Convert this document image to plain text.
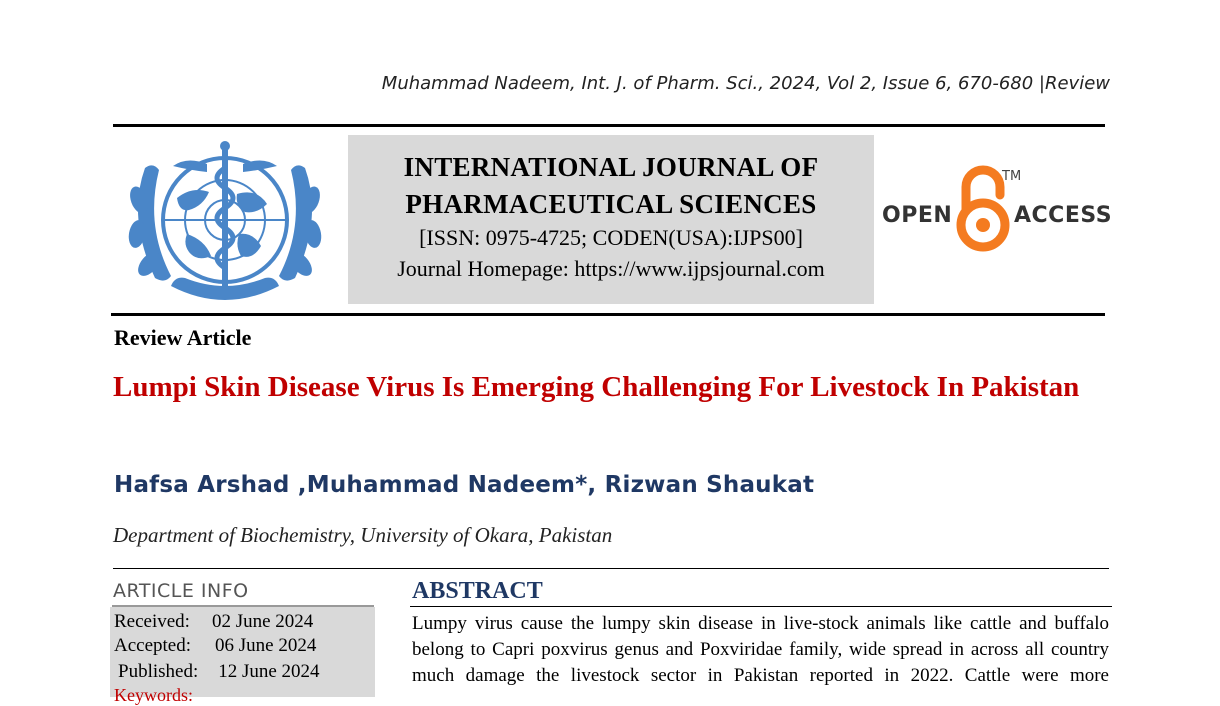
Muhammad Nadeem, Int. J. of Pharm. Sci., 2024, Vol 2, Issue 6, 670-680 |Review
INTERNATIONAL JOURNAL OF
PHARMACEUTICAL SCIENCES
[ISSN: 0975-4725; CODEN(USA):IJPS00]
Journal Homepage: https://www.ijpsjournal.com
OPEN
TM
ACCESS
Review Article
Lumpi Skin Disease Virus Is Emerging Challenging For Livestock In Pakistan
Hafsa Arshad ,Muhammad Nadeem*, Rizwan Shaukat
Department of Biochemistry, University of Okara, Pakistan
ARTICLE INFO
Received: 02 June 2024
Accepted: 06 June 2024
Published: 12 June 2024
Keywords:
ABSTRACT
Lumpy virus cause the lumpy skin disease in live-stock animals like cattle and buffalo belong to Capri poxvirus genus and Poxviridae family, wide spread in across all country much damage the livestock sector in Pakistan reported in 2022. Cattle were more
